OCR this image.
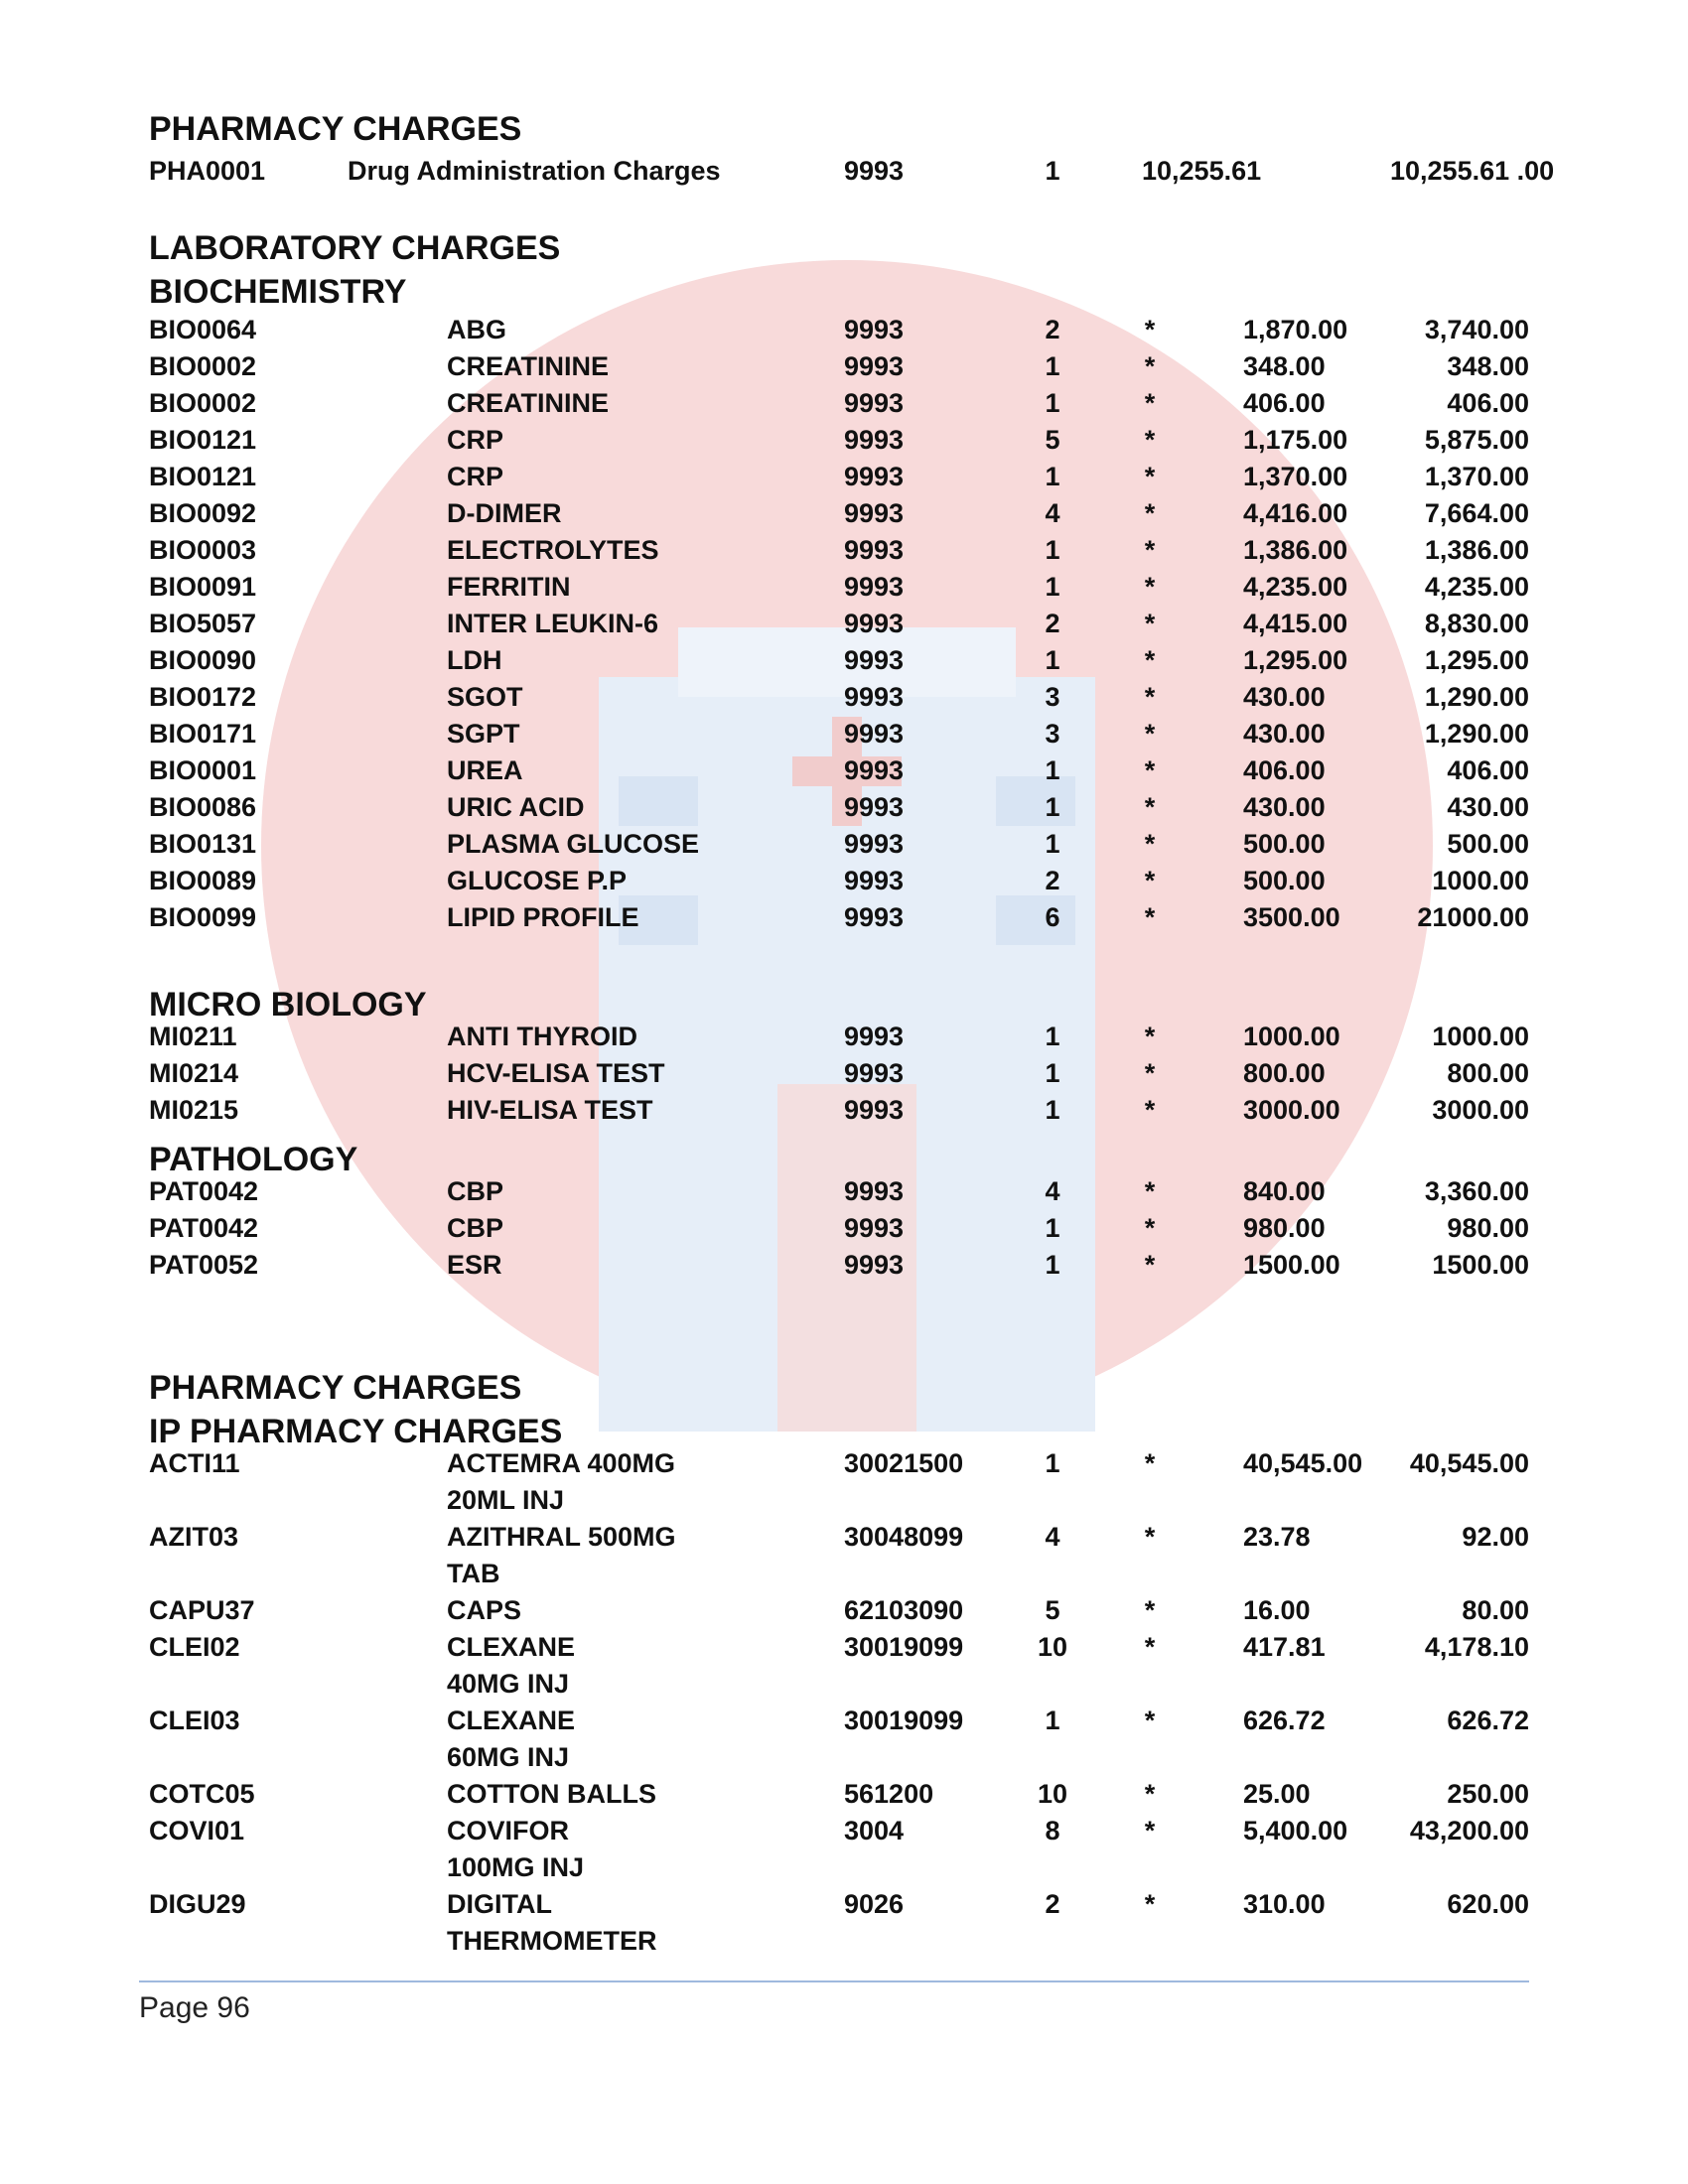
PHARMACY CHARGES
PHA0001	Drug Administration Charges	9993	1	10,255.61	10,255.61 .00
LABORATORY CHARGES
BIOCHEMISTRY
BIO0064	ABG	9993	2	*	1,870.00	3,740.00
BIO0002	CREATININE	9993	1	*	348.00	348.00
BIO0002	CREATININE	9993	1	*	406.00	406.00
BIO0121	CRP	9993	5	*	1,175.00	5,875.00
BIO0121	CRP	9993	1	*	1,370.00	1,370.00
BIO0092	D-DIMER	9993	4	*	4,416.00	7,664.00
BIO0003	ELECTROLYTES	9993	1	*	1,386.00	1,386.00
BIO0091	FERRITIN	9993	1	*	4,235.00	4,235.00
BIO5057	INTER LEUKIN-6	9993	2	*	4,415.00	8,830.00
BIO0090	LDH	9993	1	*	1,295.00	1,295.00
BIO0172	SGOT	9993	3	*	430.00	1,290.00
BIO0171	SGPT	9993	3	*	430.00	1,290.00
BIO0001	UREA	9993	1	*	406.00	406.00
BIO0086	URIC ACID	9993	1	*	430.00	430.00
BIO0131	PLASMA GLUCOSE	9993	1	*	500.00	500.00
BIO0089	GLUCOSE P.P	9993	2	*	500.00	1000.00
BIO0099	LIPID PROFILE	9993	6	*	3500.00	21000.00
MICRO BIOLOGY
MI0211	ANTI THYROID	9993	1	*	1000.00	1000.00
MI0214	HCV-ELISA TEST	9993	1	*	800.00	800.00
MI0215	HIV-ELISA TEST	9993	1	*	3000.00	3000.00
PATHOLOGY
PAT0042	CBP	9993	4	*	840.00	3,360.00
PAT0042	CBP	9993	1	*	980.00	980.00
PAT0052	ESR	9993	1	*	1500.00	1500.00
PHARMACY CHARGES
IP PHARMACY CHARGES
ACTI11	ACTEMRA 400MG	30021500	1	*	40,545.00	40,545.00
20ML INJ
AZIT03	AZITHRAL 500MG	30048099	4	*	23.78	92.00
TAB
CAPU37	CAPS	62103090	5	*	16.00	80.00
CLEI02	CLEXANE	30019099	10	*	417.81	4,178.10
40MG INJ
CLEI03	CLEXANE	30019099	1	*	626.72	626.72
60MG INJ
COTC05	COTTON BALLS	561200	10	*	25.00	250.00
COVI01	COVIFOR	3004	8	*	5,400.00	43,200.00
100MG INJ
DIGU29	DIGITAL	9026	2	*	310.00	620.00
THERMOMETER
Page 96
